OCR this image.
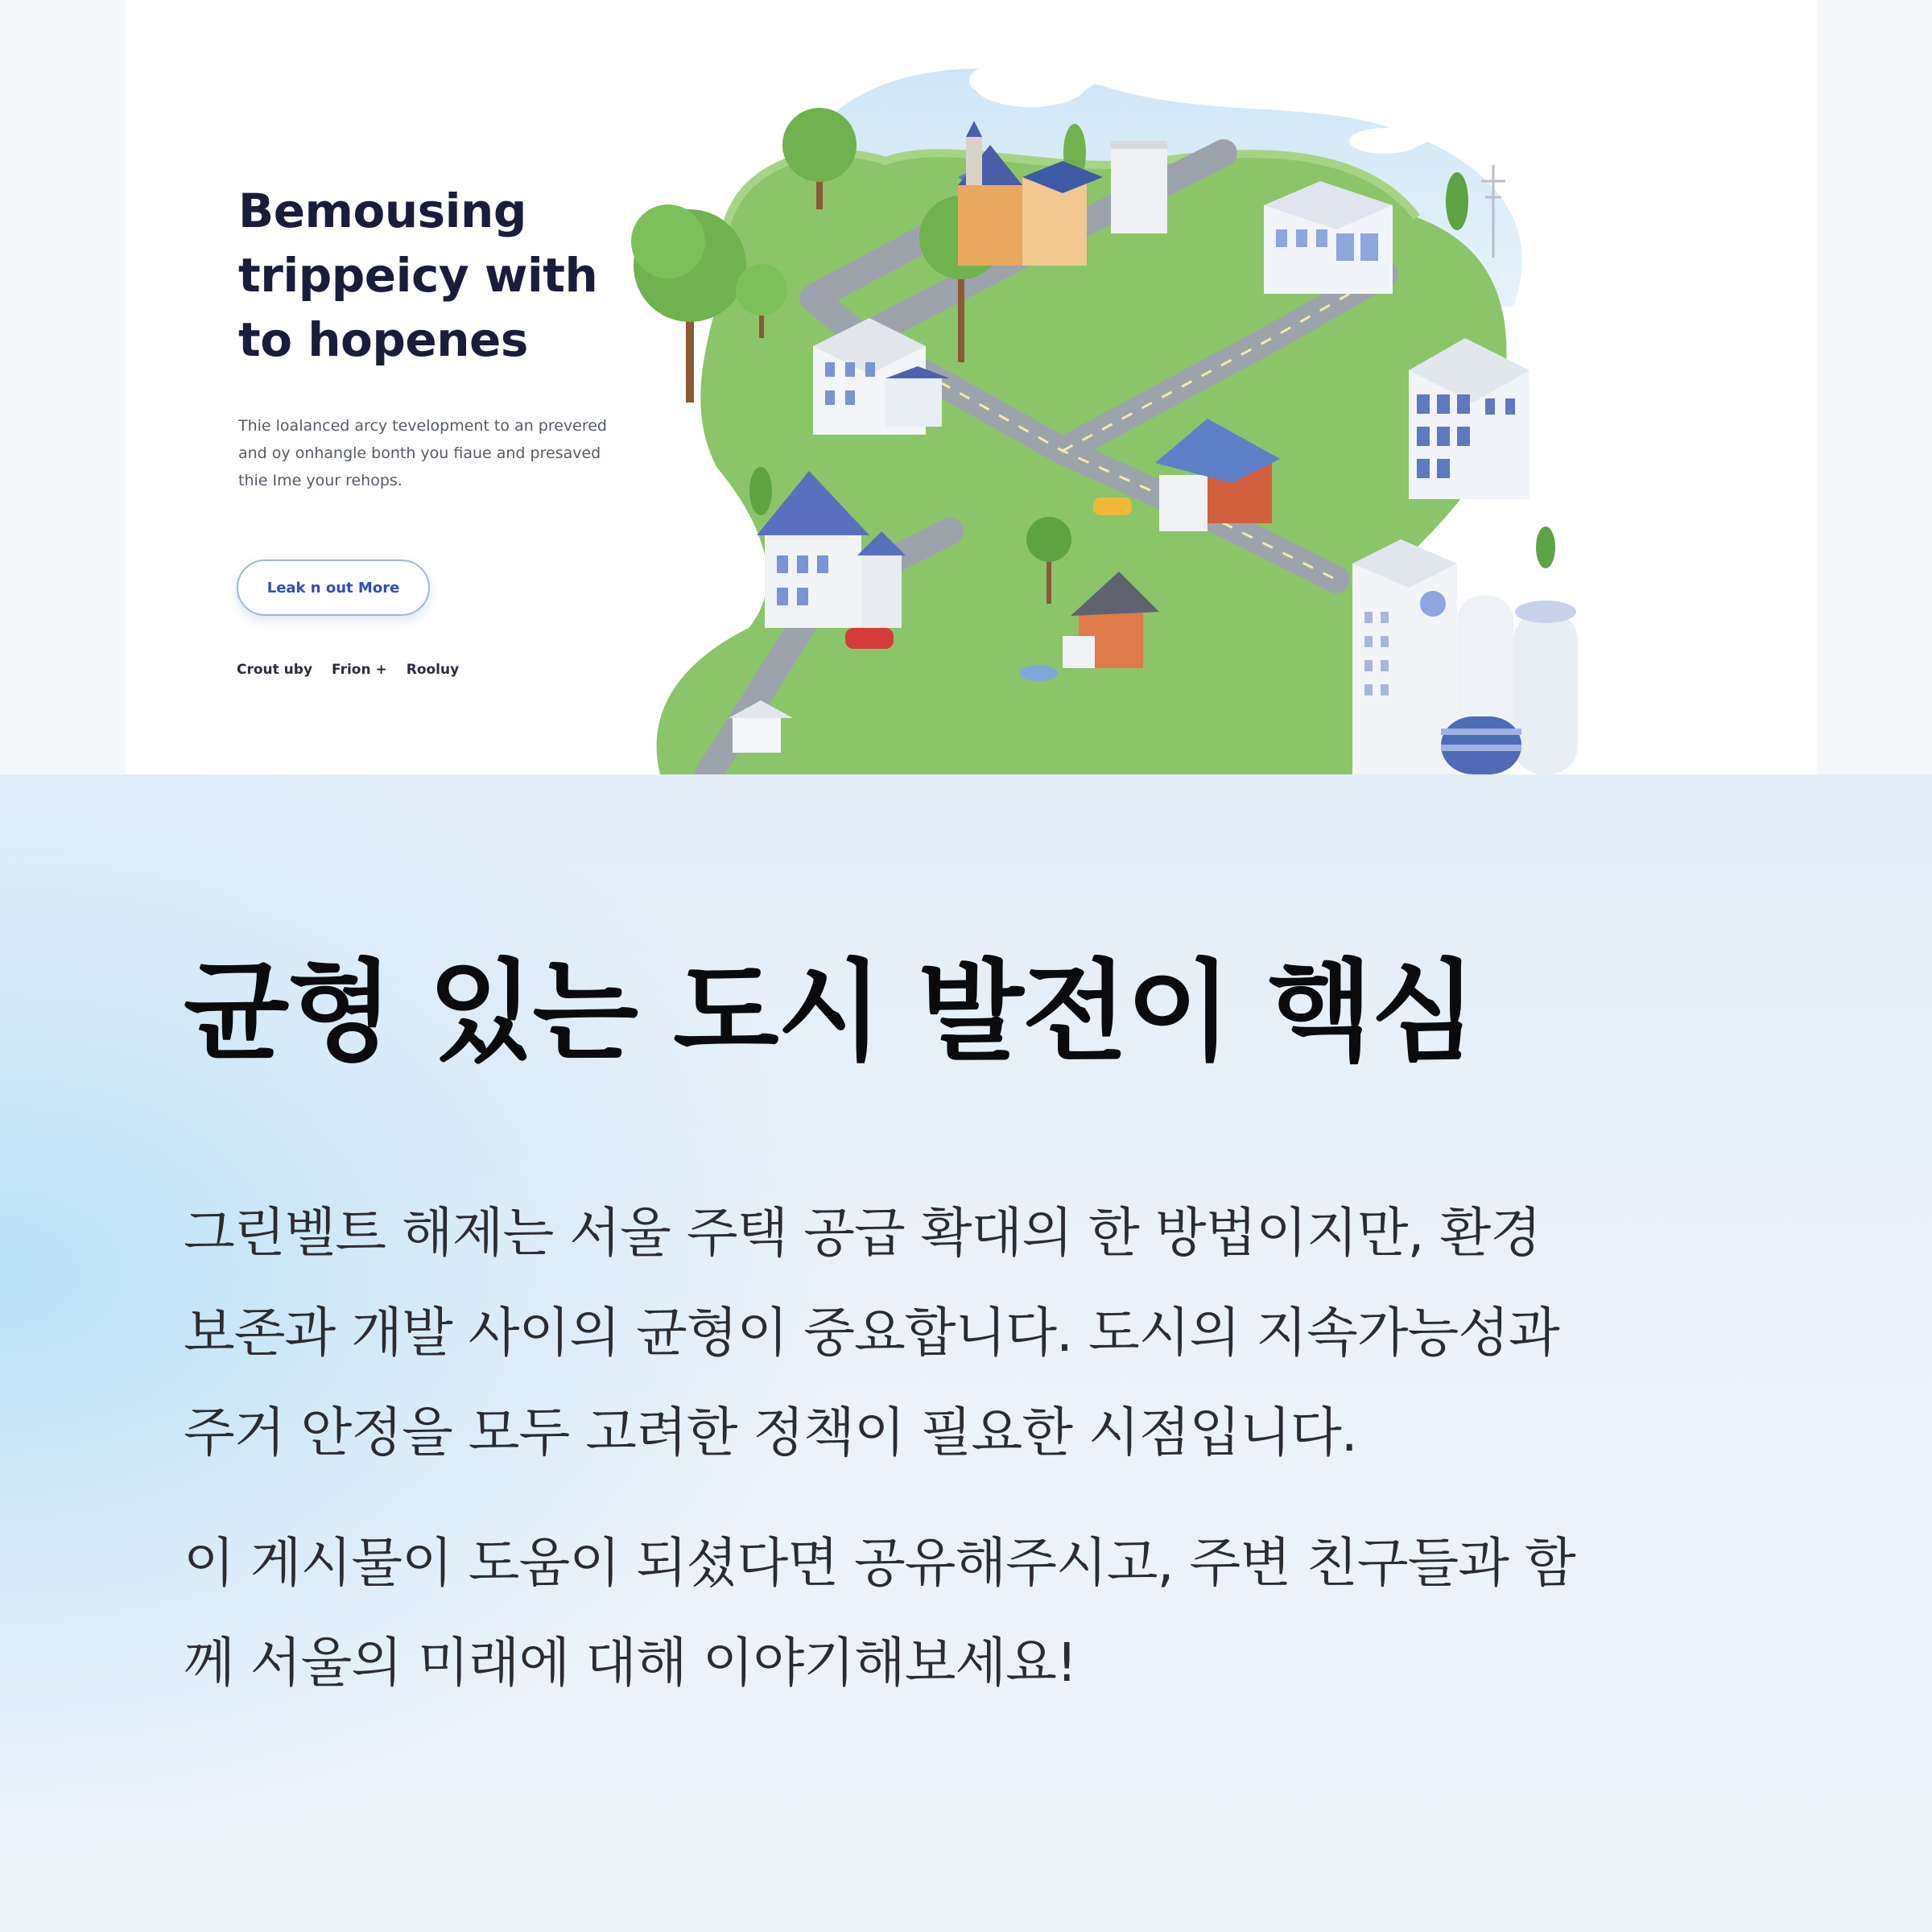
Bemousing
trippeicy with
to hopenes

Thie loalanced arcy tevelopment to an prevered
and oy onhangle bonth you fiaue and presaved
thie Ime your rehops.

Leak n out More
Crout uby Frion + Rooluy
균형 있는 도시 발전이 핵심

그린벨트 해제는 서울 주택 공급 확대의 한 방법이지만, 환경
보존과 개발 사이의 균형이 중요합니다. 도시의 지속가능성과
주거 안정을 모두 고려한 정책이 필요한 시점입니다.

이 게시물이 도움이 되셨다면 공유해주시고, 주변 친구들과 함
께 서울의 미래에 대해 이야기해보세요!
